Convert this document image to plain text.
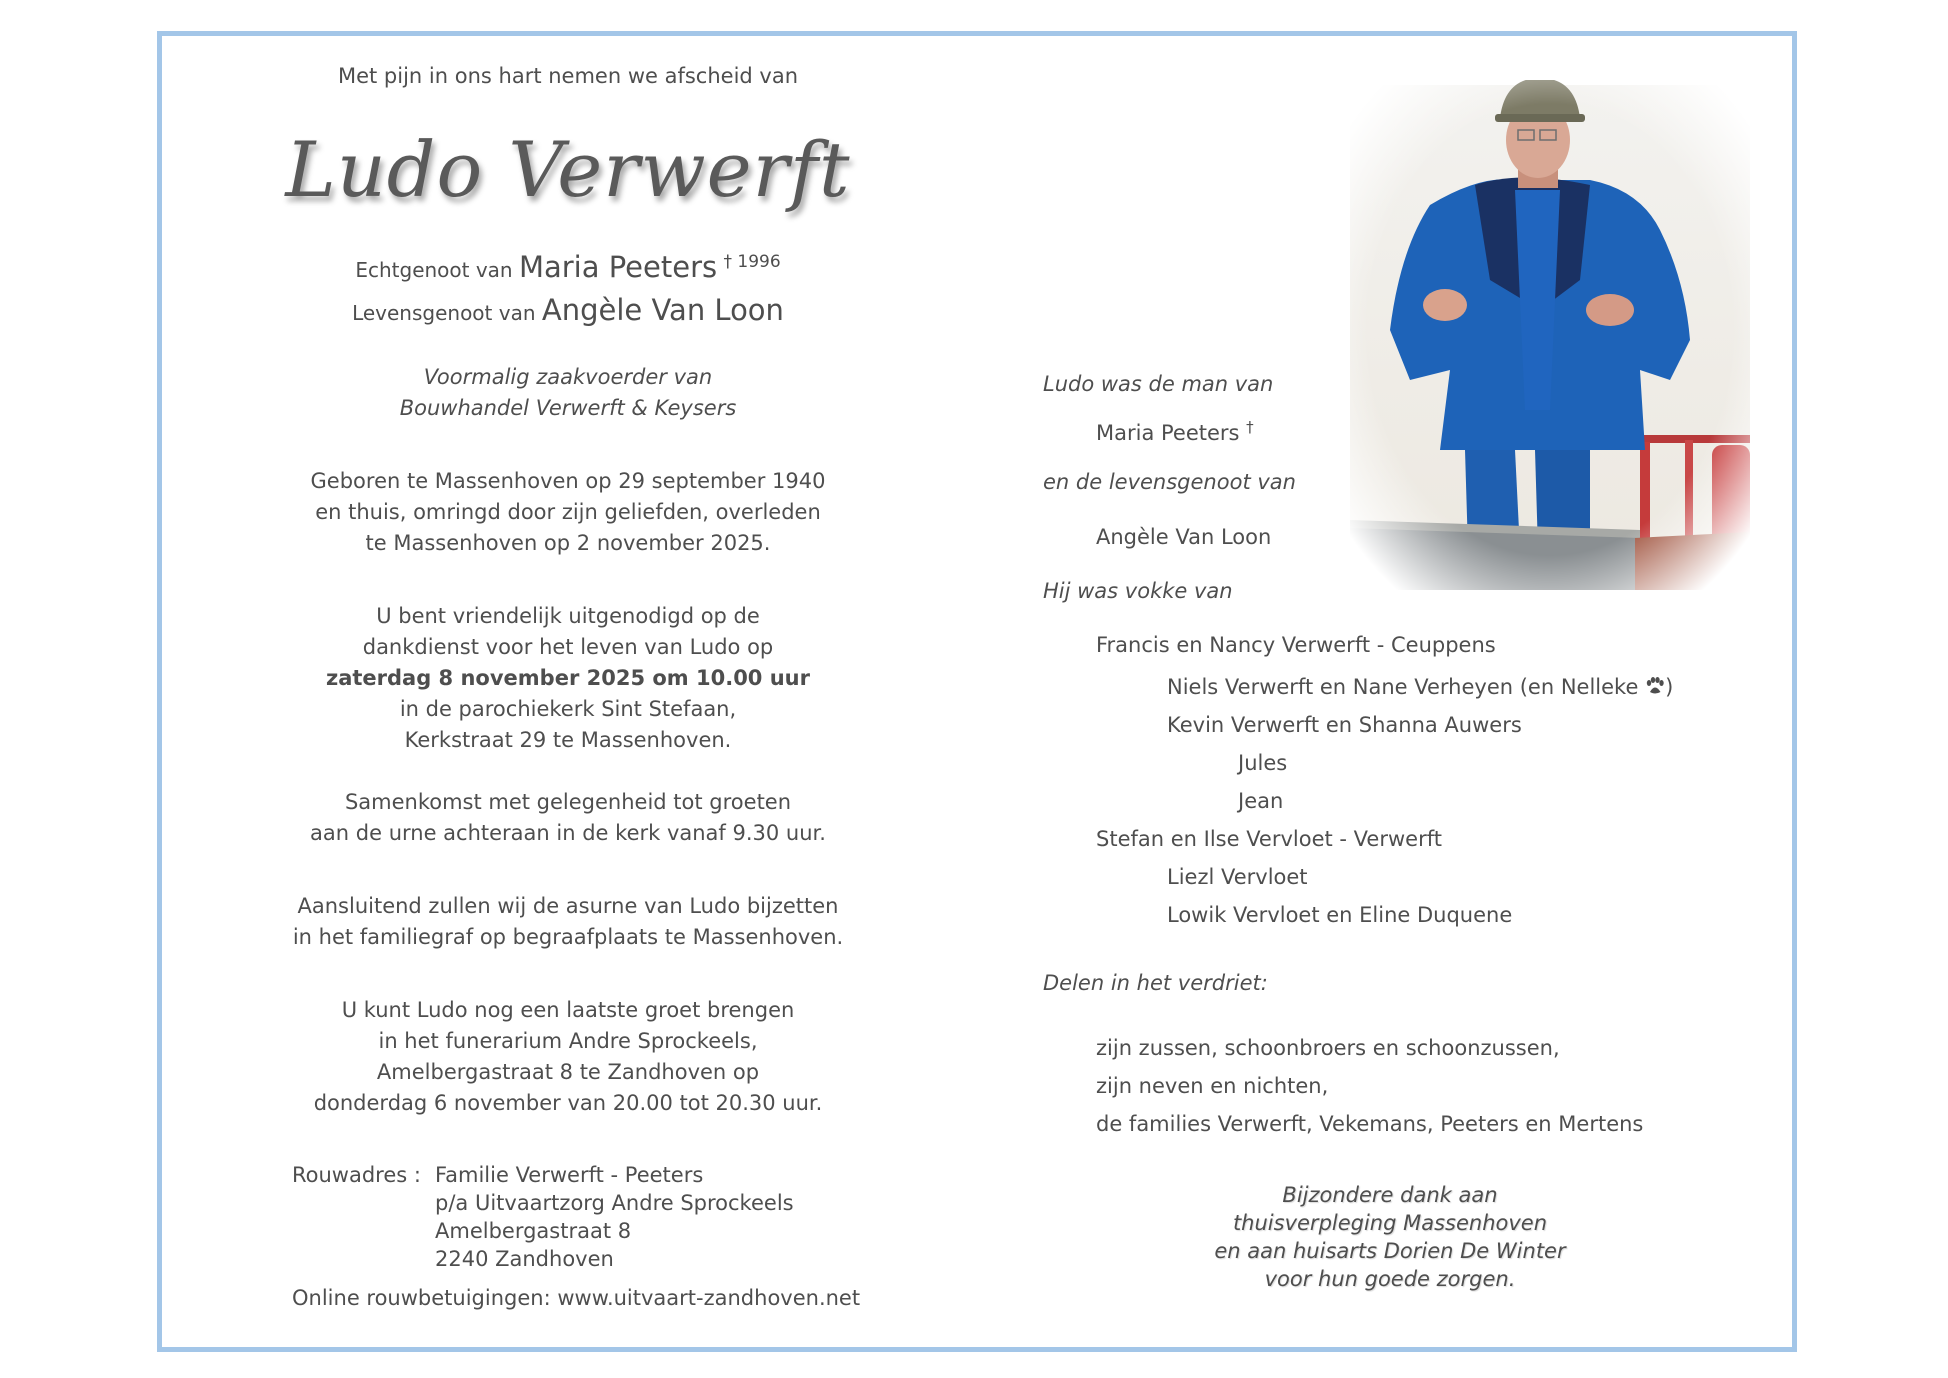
Met pijn in ons hart nemen we afscheid van
Ludo Verwerft
Echtgenoot van Maria Peeters $^{\dagger 1996}$
Levensgenoot van Angèle Van Loon
Voormalig zaakvoerder van
Bouwhandel Verwerft & Keysers
Geboren te Massenhoven op 29 september 1940
en thuis, omringd door zijn geliefden, overleden
te Massenhoven op 2 november 2025.
U bent vriendelijk uitgenodigd op de
dankdienst voor het leven van Ludo op
zaterdag 8 november 2025 om 10.00 uur
in de parochiekerk Sint Stefaan,
Kerkstraat 29 te Massenhoven.
Samenkomst met gelegenheid tot groeten
aan de urne achteraan in de kerk vanaf 9.30 uur.
Aansluitend zullen wij de asurne van Ludo bijzetten
in het familiegraf op begraafplaats te Massenhoven.
U kunt Ludo nog een laatste groet brengen
in het funerarium Andre Sprockeels,
Amelbergastraat 8 te Zandhoven op
donderdag 6 november van 20.00 tot 20.30 uur.
Rouwadres : Familie Verwerft - Peeters
p/a Uitvaartzorg Andre Sprockeels
Amelbergastraat 8
2240 Zandhoven
Online rouwbetuigingen: www.uitvaart-zandhoven.net
Ludo was de man van
Maria Peeters †
en de levensgenoot van
Angèle Van Loon
Hij was vokke van
Francis en Nancy Verwerft - Ceuppens
Niels Verwerft en Nane Verheyen (en Nelleke )
Kevin Verwerft en Shanna Auwers
Jules
Jean
Stefan en Ilse Vervloet - Verwerft
Liezl Vervloet
Lowik Vervloet en Eline Duquene
Delen in het verdriet:
zijn zussen, schoonbroers en schoonzussen,
zijn neven en nichten,
de families Verwerft, Vekemans, Peeters en Mertens
Bijzondere dank aan
thuisverpleging Massenhoven
en aan huisarts Dorien De Winter
voor hun goede zorgen.
